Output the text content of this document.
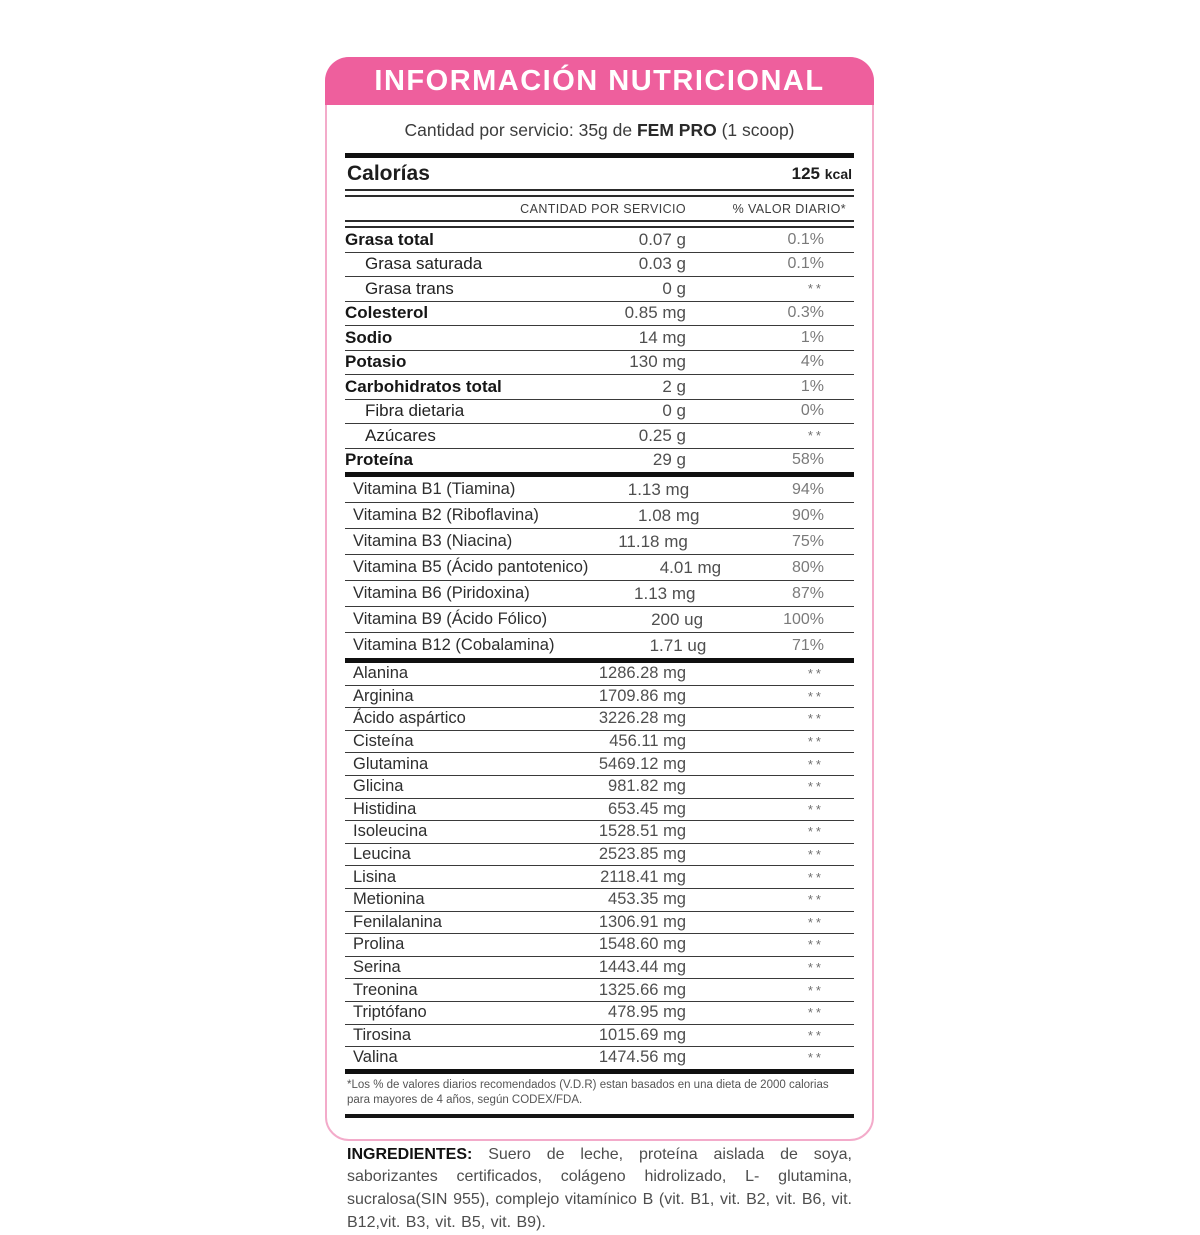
INFORMACIÓN NUTRICIONAL
Cantidad por servicio: 35g de FEM PRO (1 scoop)
Calorías	125 kcal
CANTIDAD POR SERVICIO	% VALOR DIARIO*
Grasa total	0.07 g	0.1%
Grasa saturada	0.03 g	0.1%
Grasa trans	0 g	**
Colesterol	0.85 mg	0.3%
Sodio	14 mg	1%
Potasio	130 mg	4%
Carbohidratos total	2 g	1%
Fibra dietaria	0 g	0%
Azúcares	0.25 g	**
Proteína	29 g	58%
Vitamina B1 (Tiamina)	1.13 mg	94%
Vitamina B2 (Riboflavina)	1.08 mg	90%
Vitamina B3 (Niacina)	11.18 mg	75%
Vitamina B5 (Ácido pantotenico)	4.01 mg	80%
Vitamina B6 (Piridoxina)	1.13 mg	87%
Vitamina B9 (Ácido Fólico)	200 ug	100%
Vitamina B12 (Cobalamina)	1.71 ug	71%
Alanina	1286.28 mg	**
Arginina	1709.86 mg	**
Ácido aspártico	3226.28 mg	**
Cisteína	456.11 mg	**
Glutamina	5469.12 mg	**
Glicina	981.82 mg	**
Histidina	653.45 mg	**
Isoleucina	1528.51 mg	**
Leucina	2523.85 mg	**
Lisina	2118.41 mg	**
Metionina	453.35 mg	**
Fenilalanina	1306.91 mg	**
Prolina	1548.60 mg	**
Serina	1443.44 mg	**
Treonina	1325.66 mg	**
Triptófano	478.95 mg	**
Tirosina	1015.69 mg	**
Valina	1474.56 mg	**
*Los % de valores diarios recomendados (V.D.R) estan basados en una dieta de 2000 calorias para mayores de 4 años, según CODEX/FDA.

INGREDIENTES: Suero de leche, proteína aislada de soya, saborizantes certificados, colágeno hidrolizado, L- glutamina, sucralosa(SIN 955), complejo vitamínico B (vit. B1, vit. B2, vit. B6, vit. B12,vit. B3, vit. B5, vit. B9).
